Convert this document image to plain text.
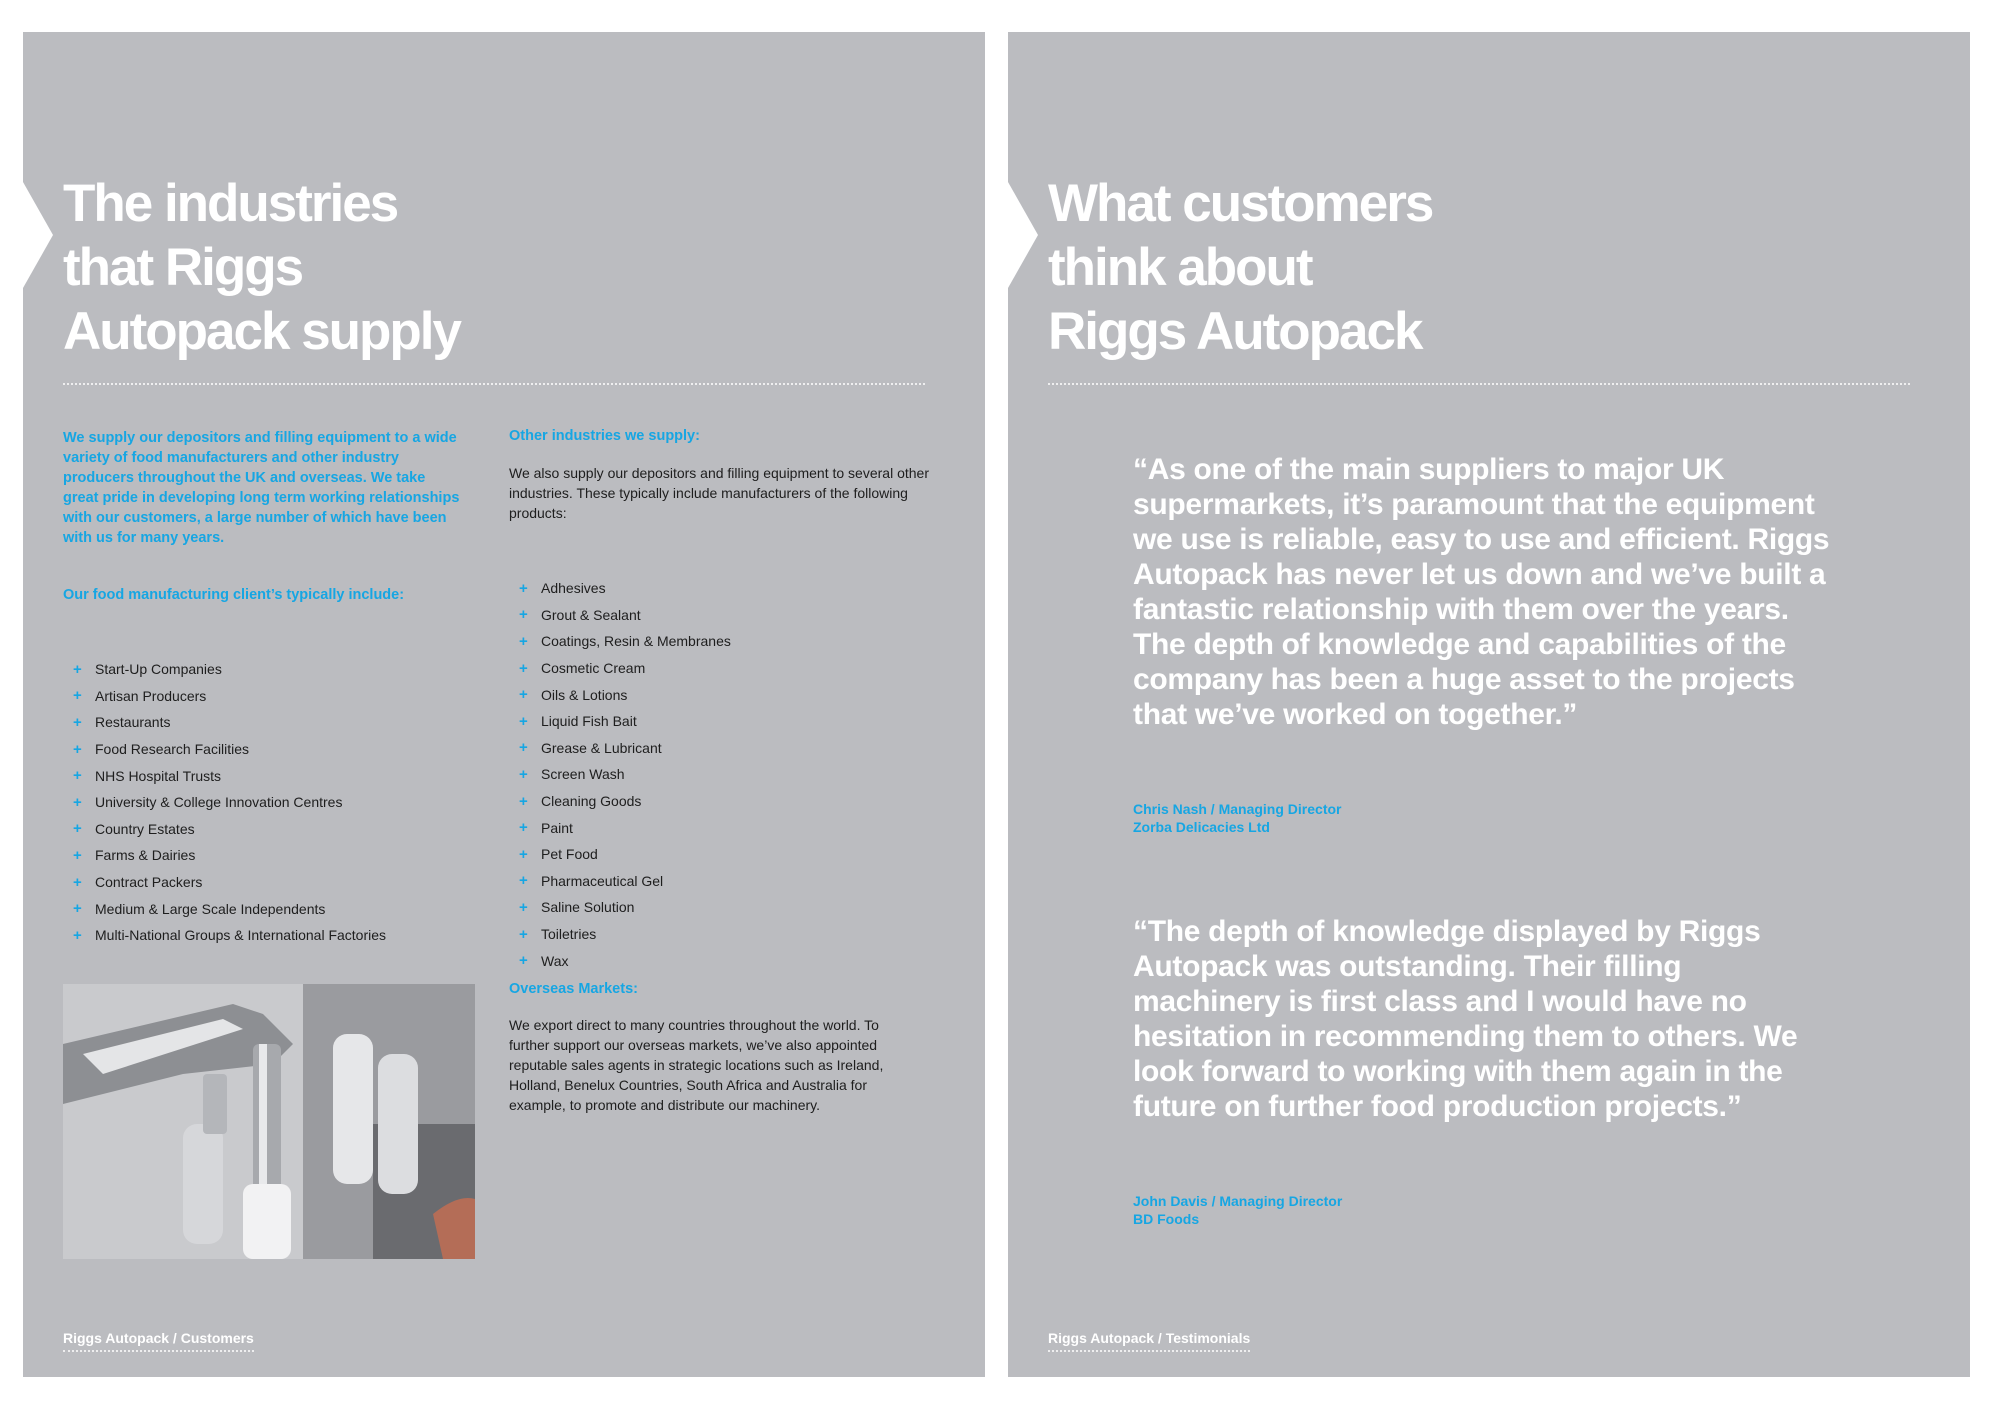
The industries
that Riggs
Autopack supply

We supply our depositors and filling equipment to a wide variety of food manufacturers and other industry producers throughout the UK and overseas. We take great pride in developing long term working relationships with our customers, a large number of which have been with us for many years.

Our food manufacturing client’s typically include:
+ Start-Up Companies
+ Artisan Producers
+ Restaurants
+ Food Research Facilities
+ NHS Hospital Trusts
+ University & College Innovation Centres
+ Country Estates
+ Farms & Dairies
+ Contract Packers
+ Medium & Large Scale Independents
+ Multi-National Groups & International Factories
Other industries we supply:

We also supply our depositors and filling equipment to several other industries. These typically include manufacturers of the following products:

+ Adhesives
+ Grout & Sealant
+ Coatings, Resin & Membranes
+ Cosmetic Cream
+ Oils & Lotions
+ Liquid Fish Bait
+ Grease & Lubricant
+ Screen Wash
+ Cleaning Goods
+ Paint
+ Pet Food
+ Pharmaceutical Gel
+ Saline Solution
+ Toiletries
+ Wax
Overseas Markets:

We export direct to many countries throughout the world. To further support our overseas markets, we’ve also appointed reputable sales agents in strategic locations such as Ireland, Holland, Benelux Countries, South Africa and Australia for example, to promote and distribute our machinery.

Riggs Autopack / Customers
What customers
think about
Riggs Autopack

“As one of the main suppliers to major UK supermarkets, it’s paramount that the equipment we use is reliable, easy to use and efficient. Riggs Autopack has never let us down and we’ve built a fantastic relationship with them over the years. The depth of knowledge and capabilities of the company has been a huge asset to the projects that we’ve worked on together.”

Chris Nash / Managing Director
Zorba Delicacies Ltd

“The depth of knowledge displayed by Riggs Autopack was outstanding. Their filling machinery is first class and I would have no hesitation in recommending them to others. We look forward to working with them again in the future on further food production projects.”

John Davis / Managing Director
BD Foods
Riggs Autopack / Testimonials
